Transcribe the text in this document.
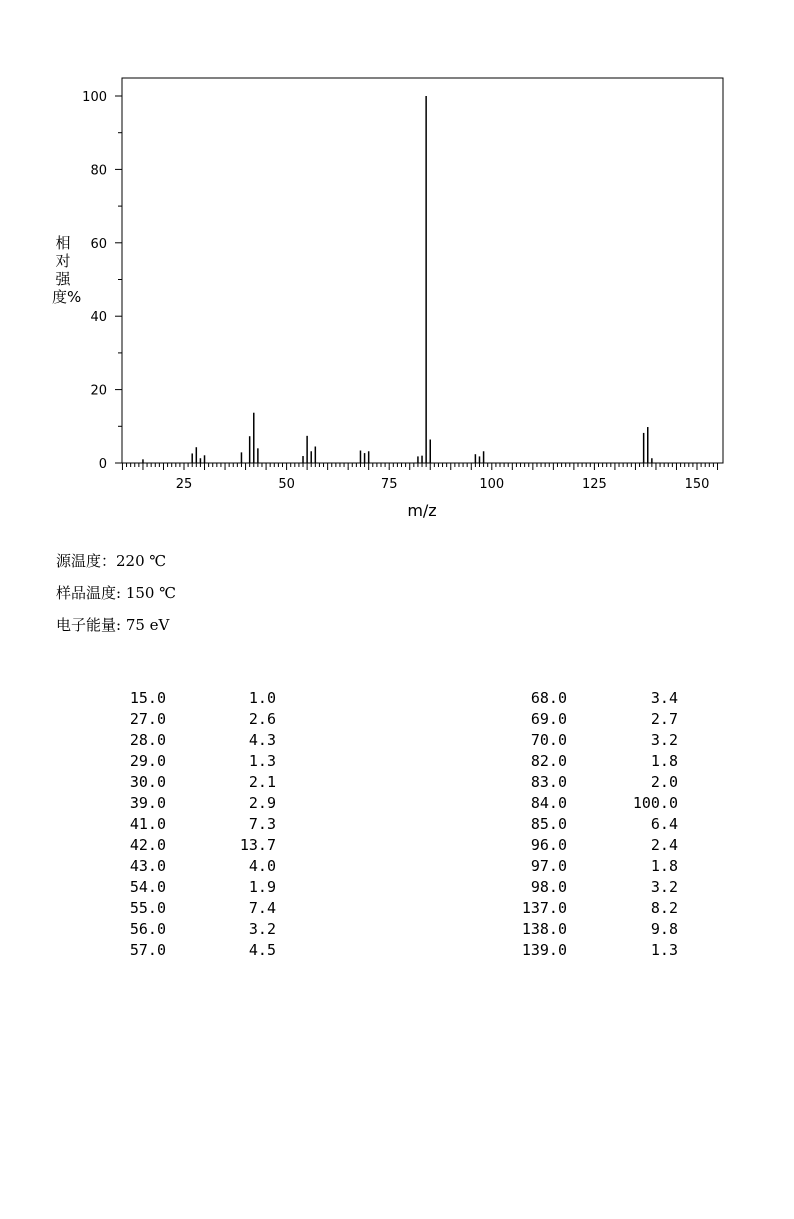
25	50	75	100	125	150
0
20
40
60
80
100
m/z
相对强度%
源温度：220 ℃
样品温度: 150 ℃
电子能量: 75 eV
15.0	1.0
27.0	2.6
28.0	4.3
29.0	1.3
30.0	2.1
39.0	2.9
41.0	7.3
42.0	13.7
43.0	4.0
54.0	1.9
55.0	7.4
56.0	3.2
57.0	4.5
68.0	3.4
69.0	2.7
70.0	3.2
82.0	1.8
83.0	2.0
84.0	100.0
85.0	6.4
96.0	2.4
97.0	1.8
98.0	3.2
137.0	8.2
138.0	9.8
139.0	1.3
